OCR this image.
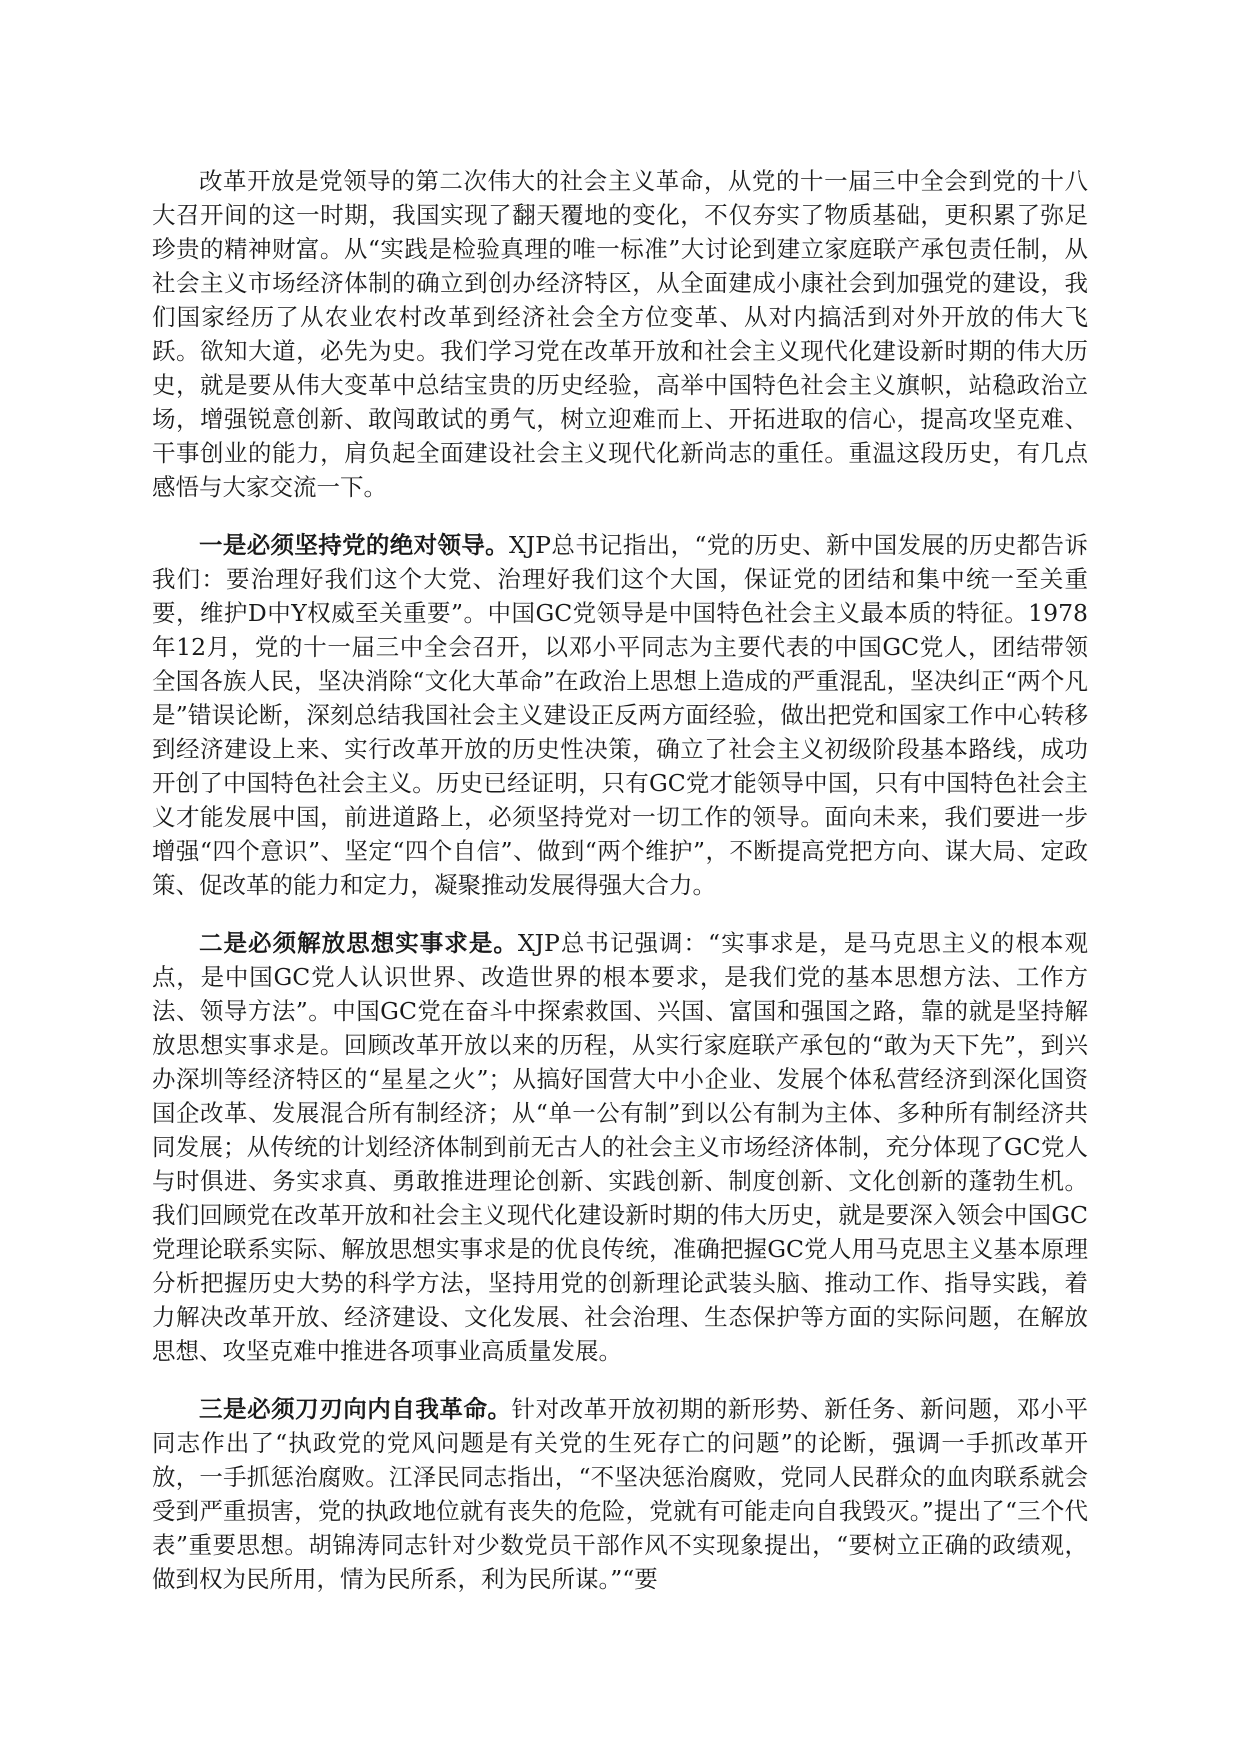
改革开放是党领导的第二次伟大的社会主义革命，从党的十一届三中全会到党的十八大召开间的这一时期，我国实现了翻天覆地的变化，不仅夯实了物质基础，更积累了弥足珍贵的精神财富。从“实践是检验真理的唯一标准”大讨论到建立家庭联产承包责任制，从社会主义市场经济体制的确立到创办经济特区，从全面建成小康社会到加强党的建设，我们国家经历了从农业农村改革到经济社会全方位变革、从对内搞活到对外开放的伟大飞跃。欲知大道，必先为史。我们学习党在改革开放和社会主义现代化建设新时期的伟大历史，就是要从伟大变革中总结宝贵的历史经验，高举中国特色社会主义旗帜，站稳政治立场，增强锐意创新、敢闯敢试的勇气，树立迎难而上、开拓进取的信心，提高攻坚克难、干事创业的能力，肩负起全面建设社会主义现代化新尚志的重任。重温这段历史，有几点感悟与大家交流一下。

一是必须坚持党的绝对领导。XJP总书记指出，“党的历史、新中国发展的历史都告诉我们：要治理好我们这个大党、治理好我们这个大国，保证党的团结和集中统一至关重要，维护D中Y权威至关重要”。中国GC党领导是中国特色社会主义最本质的特征。1978年12月，党的十一届三中全会召开，以邓小平同志为主要代表的中国GC党人，团结带领全国各族人民，坚决消除“文化大革命”在政治上思想上造成的严重混乱，坚决纠正“两个凡是”错误论断，深刻总结我国社会主义建设正反两方面经验，做出把党和国家工作中心转移到经济建设上来、实行改革开放的历史性决策，确立了社会主义初级阶段基本路线，成功开创了中国特色社会主义。历史已经证明，只有GC党才能领导中国，只有中国特色社会主义才能发展中国，前进道路上，必须坚持党对一切工作的领导。面向未来，我们要进一步增强“四个意识”、坚定“四个自信”、做到“两个维护”，不断提高党把方向、谋大局、定政策、促改革的能力和定力，凝聚推动发展得强大合力。

二是必须解放思想实事求是。XJP总书记强调：“实事求是，是马克思主义的根本观点，是中国GC党人认识世界、改造世界的根本要求，是我们党的基本思想方法、工作方法、领导方法”。中国GC党在奋斗中探索救国、兴国、富国和强国之路，靠的就是坚持解放思想实事求是。回顾改革开放以来的历程，从实行家庭联产承包的“敢为天下先”，到兴办深圳等经济特区的“星星之火”；从搞好国营大中小企业、发展个体私营经济到深化国资国企改革、发展混合所有制经济；从“单一公有制”到以公有制为主体、多种所有制经济共同发展；从传统的计划经济体制到前无古人的社会主义市场经济体制，充分体现了GC党人与时俱进、务实求真、勇敢推进理论创新、实践创新、制度创新、文化创新的蓬勃生机。我们回顾党在改革开放和社会主义现代化建设新时期的伟大历史，就是要深入领会中国GC党理论联系实际、解放思想实事求是的优良传统，准确把握GC党人用马克思主义基本原理分析把握历史大势的科学方法，坚持用党的创新理论武装头脑、推动工作、指导实践，着力解决改革开放、经济建设、文化发展、社会治理、生态保护等方面的实际问题，在解放思想、攻坚克难中推进各项事业高质量发展。

三是必须刀刃向内自我革命。针对改革开放初期的新形势、新任务、新问题，邓小平同志作出了“执政党的党风问题是有关党的生死存亡的问题”的论断，强调一手抓改革开放，一手抓惩治腐败。江泽民同志指出，“不坚决惩治腐败，党同人民群众的血肉联系就会受到严重损害，党的执政地位就有丧失的危险，党就有可能走向自我毁灭。”提出了“三个代表”重要思想。胡锦涛同志针对少数党员干部作风不实现象提出，“要树立正确的政绩观，做到权为民所用，情为民所系，利为民所谋。”“要
